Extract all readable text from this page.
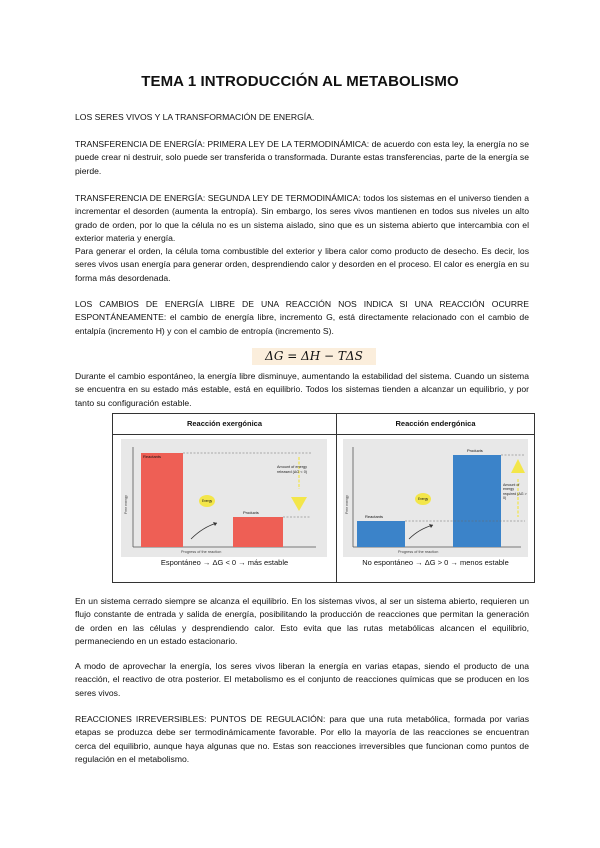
TEMA 1 INTRODUCCIÓN AL METABOLISMO
LOS SERES VIVOS Y LA TRANSFORMACIÓN DE ENERGÍA.
TRANSFERENCIA DE ENERGÍA: PRIMERA LEY DE LA TERMODINÁMICA: de acuerdo con esta ley, la energía no se puede crear ni destruir, solo puede ser transferida o transformada. Durante estas transferencias, parte de la energía se pierde.
TRANSFERENCIA DE ENERGÍA: SEGUNDA LEY DE TERMODINÁMICA: todos los sistemas en el universo tienden a incrementar el desorden (aumenta la entropía). Sin embargo, los seres vivos mantienen en todos sus niveles un alto grado de orden, por lo que la célula no es un sistema aislado, sino que es un sistema abierto que intercambia con el exterior materia y energía.
Para generar el orden, la célula toma combustible del exterior y libera calor como producto de desecho. Es decir, los seres vivos usan energía para generar orden, desprendiendo calor y desorden en el proceso. El calor es energía en su forma más desordenada.
LOS CAMBIOS DE ENERGÍA LIBRE DE UNA REACCIÓN NOS INDICA SI UNA REACCIÓN OCURRE ESPONTÁNEAMENTE: el cambio de energía libre, incremento G, está directamente relacionado con el cambio de entalpía (incremento H) y con el cambio de entropía (incremento S).
ΔG = ΔH − TΔS
Durante el cambio espontáneo, la energía libre disminuye, aumentando la estabilidad del sistema. Cuando un sistema se encuentra en su estado más estable, está en equilibrio. Todos los sistemas tienden a alcanzar un equilibrio, y por tanto su configuración estable.
Reacción exergónica
Free energy
Progress of the reaction
Reactants
Products
Energy
Amount of energy released (ΔG < 0)
Espontáneo → ΔG < 0 → más estable
Reacción endergónica
Free energy
Progress of the reaction
Reactants
Products
Energy
Amount of energy required (ΔG > 0)
No espontáneo → ΔG > 0 → menos estable
En un sistema cerrado siempre se alcanza el equilibrio. En los sistemas vivos, al ser un sistema abierto, requieren un flujo constante de entrada y salida de energía, posibilitando la producción de reacciones que permitan la generación de orden en las células y desprendiendo calor. Esto evita que las rutas metabólicas alcancen el equilibrio, permaneciendo en un estado estacionario.
A modo de aprovechar la energía, los seres vivos liberan la energía en varias etapas, siendo el producto de una reacción, el reactivo de otra posterior. El metabolismo es el conjunto de reacciones químicas que se producen en los seres vivos.
REACCIONES IRREVERSIBLES: PUNTOS DE REGULACIÓN: para que una ruta metabólica, formada por varias etapas se produzca debe ser termodinámicamente favorable. Por ello la mayoría de las reacciones se encuentran cerca del equilibrio, aunque haya algunas que no. Estas son reacciones irreversibles que funcionan como puntos de regulación en el metabolismo.
